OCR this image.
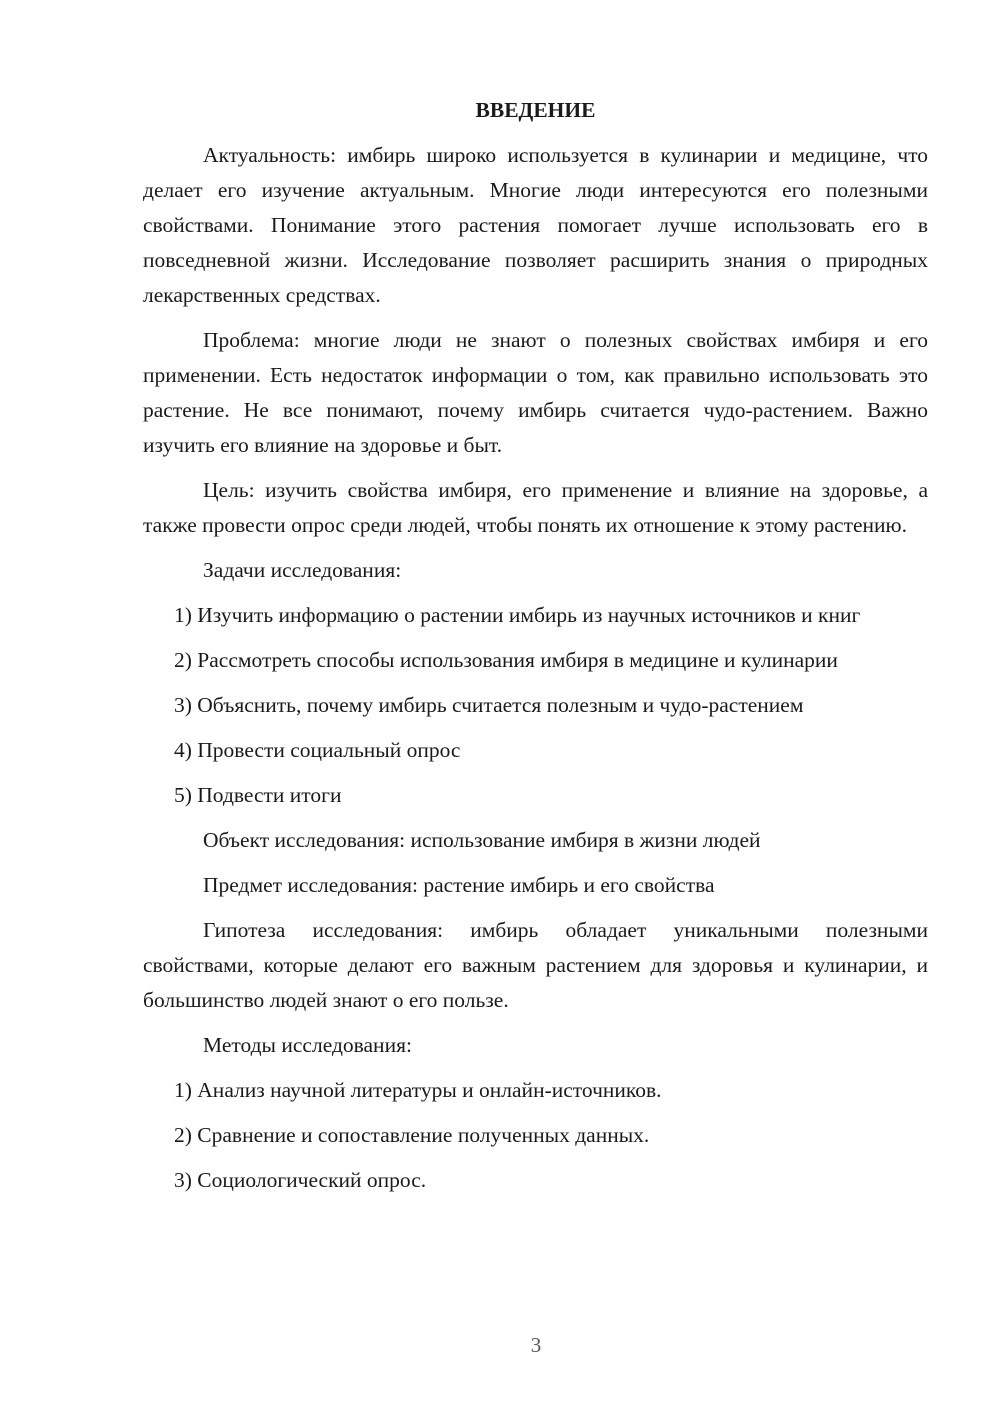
ВВЕДЕНИЕ

Актуальность: имбирь широко используется в кулинарии и медицине, что делает его изучение актуальным. Многие люди интересуются его полезными свойствами. Понимание этого растения помогает лучше использовать его в повседневной жизни. Исследование позволяет расширить знания о природных лекарственных средствах.

Проблема: многие люди не знают о полезных свойствах имбиря и его применении. Есть недостаток информации о том, как правильно использовать это растение. Не все понимают, почему имбирь считается чудо-растением. Важно изучить его влияние на здоровье и быт.

Цель: изучить свойства имбиря, его применение и влияние на здоровье, а также провести опрос среди людей, чтобы понять их отношение к этому растению.

Задачи исследования:

1) Изучить информацию о растении имбирь из научных источников и книг

2) Рассмотреть способы использования имбиря в медицине и кулинарии

3) Объяснить, почему имбирь считается полезным и чудо-растением

4) Провести социальный опрос

5) Подвести итоги

Объект исследования: использование имбиря в жизни людей

Предмет исследования: растение имбирь и его свойства

Гипотеза исследования: имбирь обладает уникальными полезными свойствами, которые делают его важным растением для здоровья и кулинарии, и большинство людей знают о его пользе.

Методы исследования:

1) Анализ научной литературы и онлайн-источников.

2) Сравнение и сопоставление полученных данных.

3) Социологический опрос.

3
